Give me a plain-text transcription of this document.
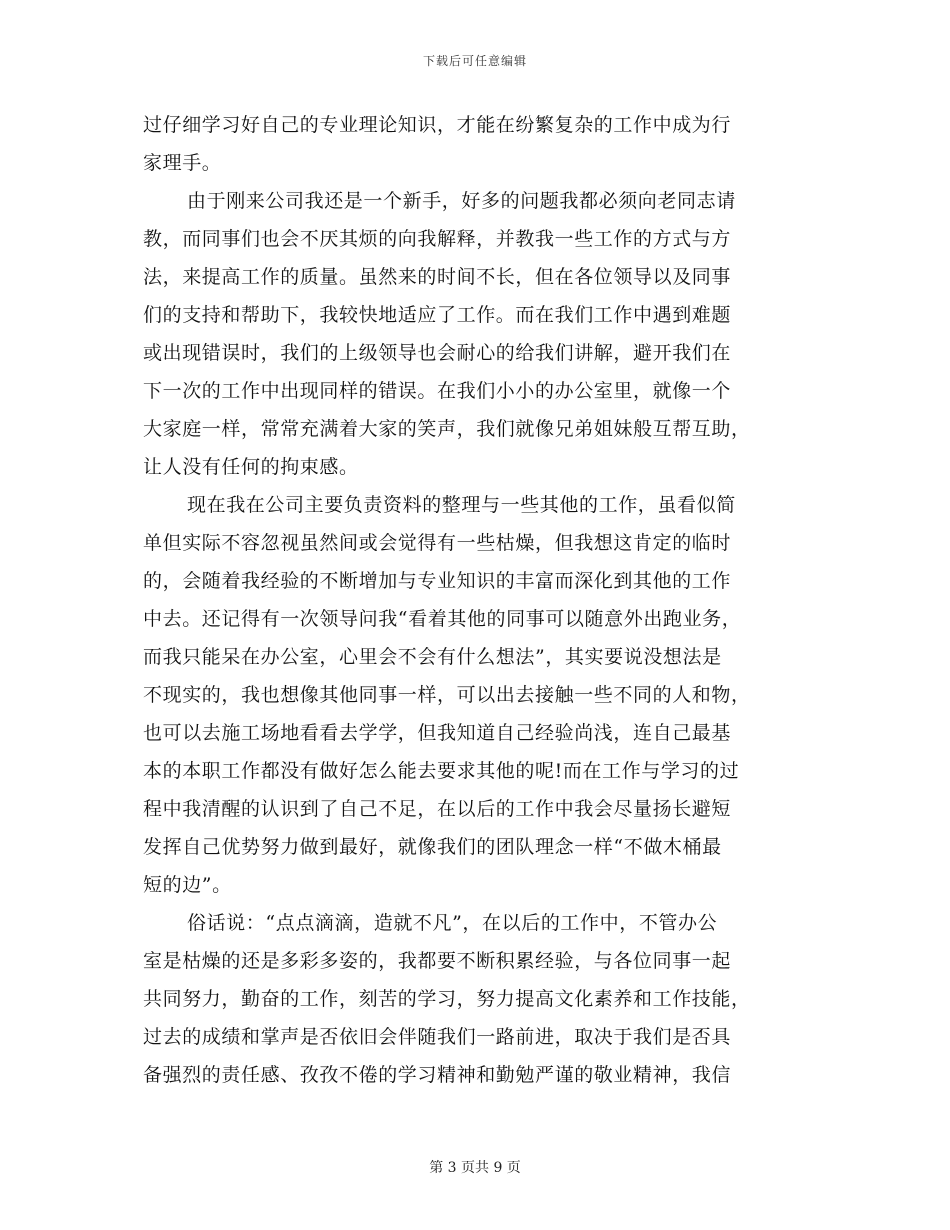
下载后可任意编辑
过仔细学习好自己的专业理论知识，才能在纷繁复杂的工作中成为行
家理手。
由于刚来公司我还是一个新手，好多的问题我都必须向老同志请
教，而同事们也会不厌其烦的向我解释，并教我一些工作的方式与方
法，来提高工作的质量。虽然来的时间不长，但在各位领导以及同事
们的支持和帮助下，我较快地适应了工作。而在我们工作中遇到难题
或出现错误时，我们的上级领导也会耐心的给我们讲解，避开我们在
下一次的工作中出现同样的错误。在我们小小的办公室里，就像一个
大家庭一样，常常充满着大家的笑声，我们就像兄弟姐妹般互帮互助，
让人没有任何的拘束感。
现在我在公司主要负责资料的整理与一些其他的工作，虽看似简
单但实际不容忽视虽然间或会觉得有一些枯燥，但我想这肯定的临时
的，会随着我经验的不断增加与专业知识的丰富而深化到其他的工作
中去。还记得有一次领导问我“看着其他的同事可以随意外出跑业务，
而我只能呆在办公室，心里会不会有什么想法”，其实要说没想法是
不现实的，我也想像其他同事一样，可以出去接触一些不同的人和物，
也可以去施工场地看看去学学，但我知道自己经验尚浅，连自己最基
本的本职工作都没有做好怎么能去要求其他的呢!而在工作与学习的过
程中我清醒的认识到了自己不足，在以后的工作中我会尽量扬长避短
发挥自己优势努力做到最好，就像我们的团队理念一样“不做木桶最
短的边”。
俗话说：“点点滴滴，造就不凡”，在以后的工作中，不管办公
室是枯燥的还是多彩多姿的，我都要不断积累经验，与各位同事一起
共同努力，勤奋的工作，刻苦的学习，努力提高文化素养和工作技能，
过去的成绩和掌声是否依旧会伴随我们一路前进，取决于我们是否具
备强烈的责任感、孜孜不倦的学习精神和勤勉严谨的敬业精神，我信
第 3 页共 9 页
